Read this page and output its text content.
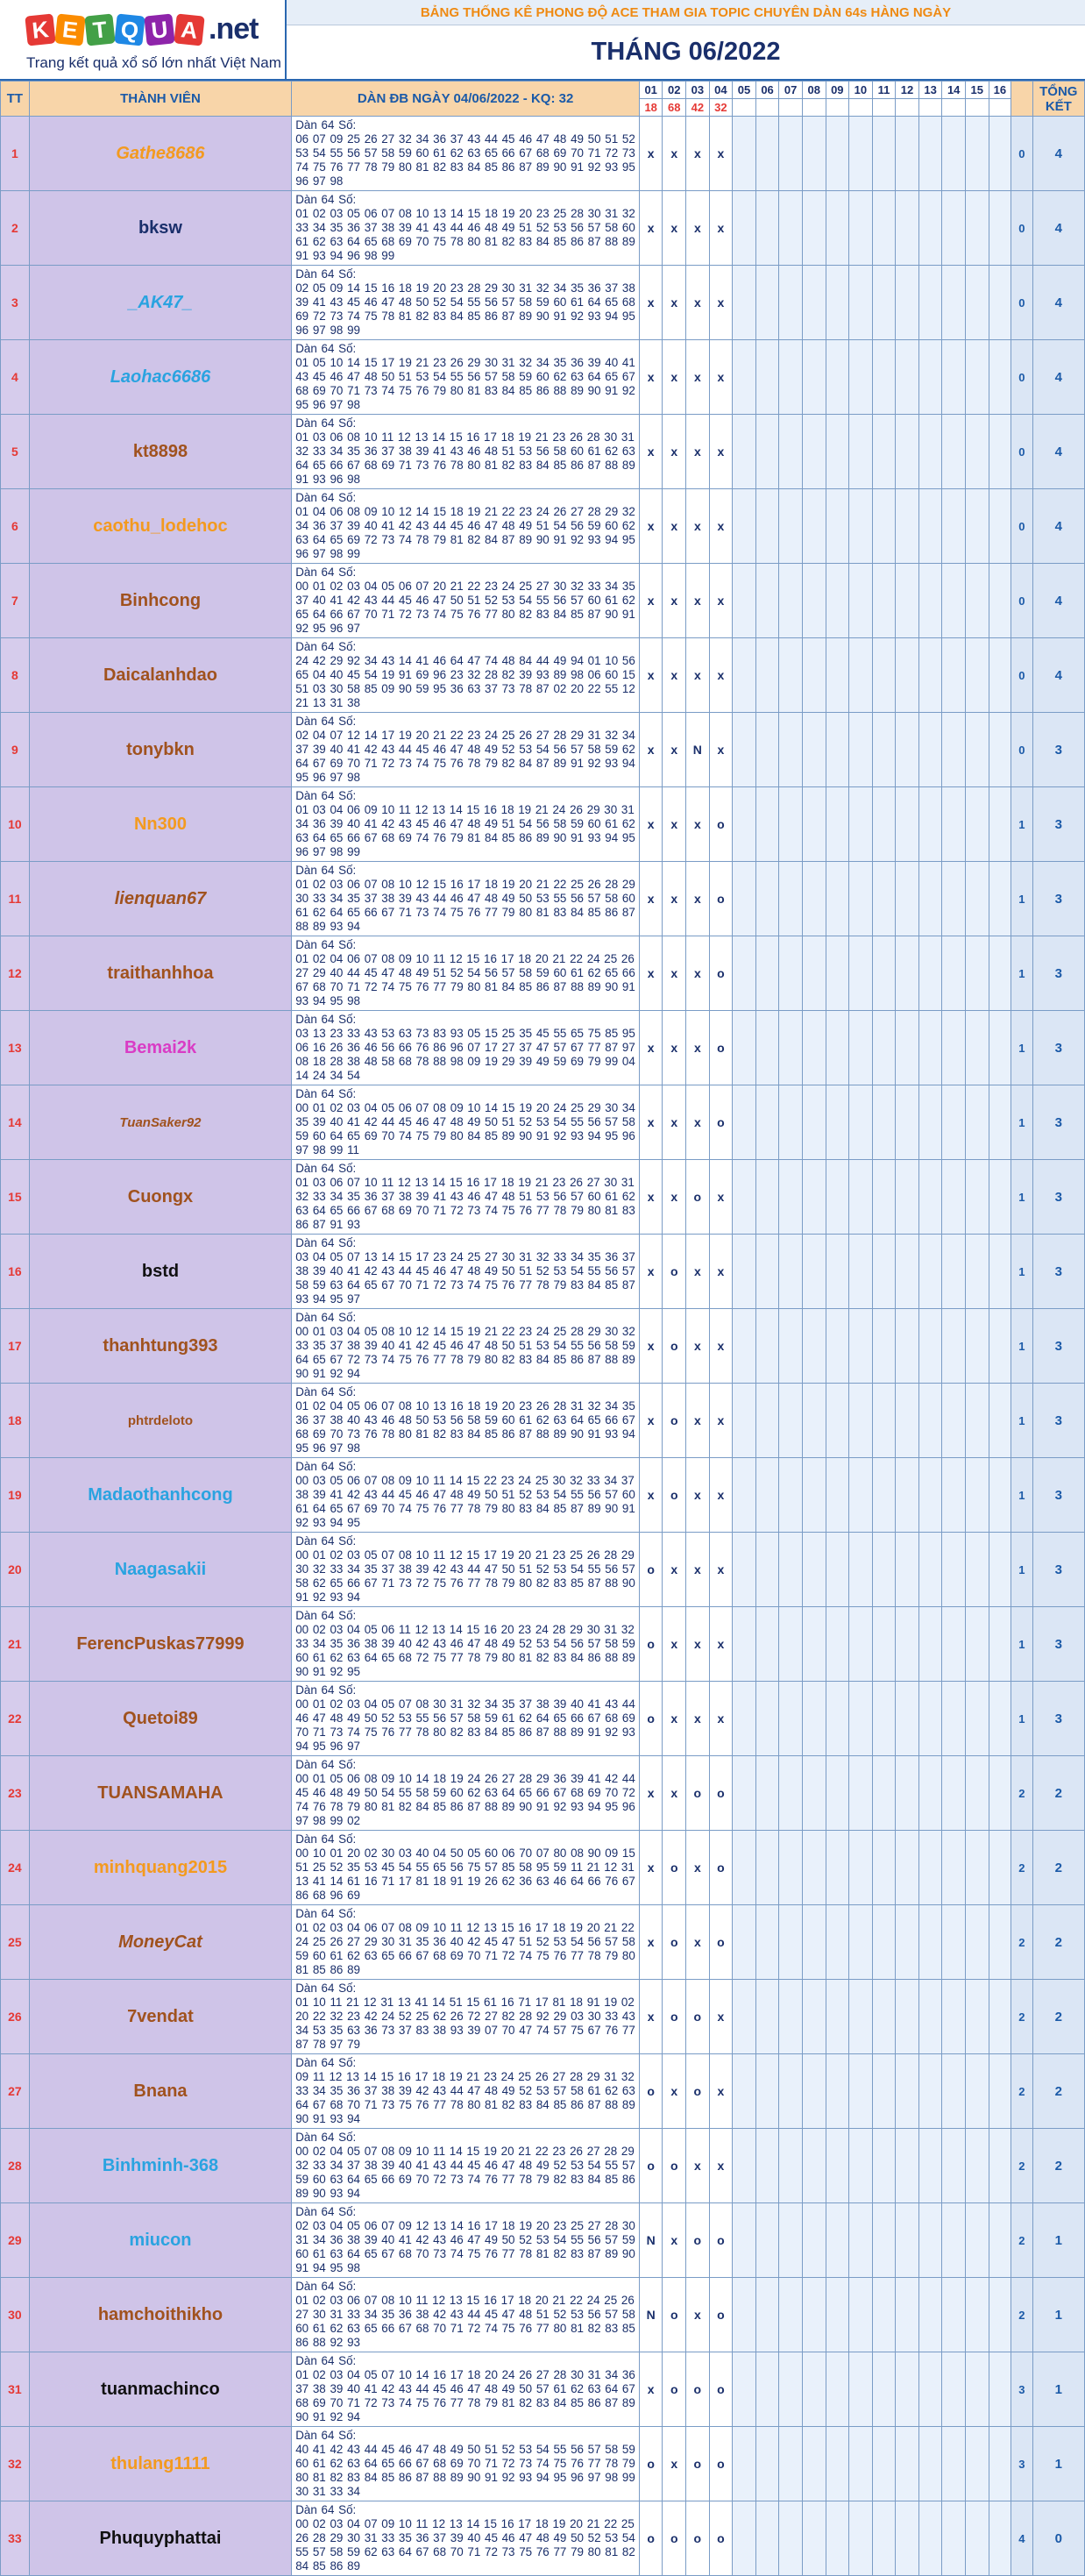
K E T Q U A .net
Trang kết quả xổ số lớn nhất Việt Nam
BẢNG THỐNG KÊ PHONG ĐỘ ACE THAM GIA TOPIC CHUYÊN DÀN 64s HÀNG NGÀY
THÁNG 06/2022
TT	THÀNH VIÊN	DÀN ĐB NGÀY 04/06/2022 - KQ: 32	01	02	03	04	05	06	07	08	09	10	11	12	13	14	15	16		TỔNG KẾT
			18	68	42	32														
1	Gathe8686	Dàn 64 Số:
06 07 09 25 26 27 32 34 36 37 43 44 45 46 47 48 49 50 51 52 53 54 55 56 57 58 59 60 61 62 63 65 66 67 68 69 70 71 72 73 74 75 76 77 78 79 80 81 82 83 84 85 86 87 89 90 91 92 93 95 96 97 98	x	x	x	x													0	4
2	bksw	Dàn 64 Số:
01 02 03 05 06 07 08 10 13 14 15 18 19 20 23 25 28 30 31 32 33 34 35 36 37 38 39 41 43 44 46 48 49 51 52 53 56 57 58 60 61 62 63 64 65 68 69 70 75 78 80 81 82 83 84 85 86 87 88 89 91 93 94 96 98 99	x	x	x	x													0	4
3	_AK47_	Dàn 64 Số:
02 05 09 14 15 16 18 19 20 23 28 29 30 31 32 34 35 36 37 38 39 41 43 45 46 47 48 50 52 54 55 56 57 58 59 60 61 64 65 68 69 72 73 74 75 78 81 82 83 84 85 86 87 89 90 91 92 93 94 95 96 97 98 99	x	x	x	x													0	4
4	Laohac6686	Dàn 64 Số:
01 05 10 14 15 17 19 21 23 26 29 30 31 32 34 35 36 39 40 41 43 45 46 47 48 50 51 53 54 55 56 57 58 59 60 62 63 64 65 67 68 69 70 71 73 74 75 76 79 80 81 83 84 85 86 88 89 90 91 92 95 96 97 98	x	x	x	x													0	4
5	kt8898	Dàn 64 Số:
01 03 06 08 10 11 12 13 14 15 16 17 18 19 21 23 26 28 30 31 32 33 34 35 36 37 38 39 41 43 46 48 51 53 56 58 60 61 62 63 64 65 66 67 68 69 71 73 76 78 80 81 82 83 84 85 86 87 88 89 91 93 96 98	x	x	x	x													0	4
6	caothu_lodehoc	Dàn 64 Số:
01 04 06 08 09 10 12 14 15 18 19 21 22 23 24 26 27 28 29 32 34 36 37 39 40 41 42 43 44 45 46 47 48 49 51 54 56 59 60 62 63 64 65 69 72 73 74 78 79 81 82 84 87 89 90 91 92 93 94 95 96 97 98 99	x	x	x	x													0	4
7	Binhcong	Dàn 64 Số:
00 01 02 03 04 05 06 07 20 21 22 23 24 25 27 30 32 33 34 35 37 40 41 42 43 44 45 46 47 50 51 52 53 54 55 56 57 60 61 62 65 64 66 67 70 71 72 73 74 75 76 77 80 82 83 84 85 87 90 91 92 95 96 97	x	x	x	x													0	4
8	Daicalanhdao	Dàn 64 Số:
24 42 29 92 34 43 14 41 46 64 47 74 48 84 44 49 94 01 10 56 65 04 40 45 54 19 91 69 96 23 32 28 82 39 93 89 98 06 60 15 51 03 30 58 85 09 90 59 95 36 63 37 73 78 87 02 20 22 55 12 21 13 31 38	x	x	x	x													0	4
9	tonybkn	Dàn 64 Số:
02 04 07 12 14 17 19 20 21 22 23 24 25 26 27 28 29 31 32 34 37 39 40 41 42 43 44 45 46 47 48 49 52 53 54 56 57 58 59 62 64 67 69 70 71 72 73 74 75 76 78 79 82 84 87 89 91 92 93 94 95 96 97 98	x	x	N	x													0	3
10	Nn300	Dàn 64 Số:
01 03 04 06 09 10 11 12 13 14 15 16 18 19 21 24 26 29 30 31 34 36 39 40 41 42 43 45 46 47 48 49 51 54 56 58 59 60 61 62 63 64 65 66 67 68 69 74 76 79 81 84 85 86 89 90 91 93 94 95 96 97 98 99	x	x	x	o													1	3
11	lienquan67	Dàn 64 Số:
01 02 03 06 07 08 10 12 15 16 17 18 19 20 21 22 25 26 28 29 30 33 34 35 37 38 39 43 44 46 47 48 49 50 53 55 56 57 58 60 61 62 64 65 66 67 71 73 74 75 76 77 79 80 81 83 84 85 86 87 88 89 93 94	x	x	x	o													1	3
12	traithanhhoa	Dàn 64 Số:
01 02 04 06 07 08 09 10 11 12 15 16 17 18 20 21 22 24 25 26 27 29 40 44 45 47 48 49 51 52 54 56 57 58 59 60 61 62 65 66 67 68 70 71 72 74 75 76 77 79 80 81 84 85 86 87 88 89 90 91 93 94 95 98	x	x	x	o													1	3
13	Bemai2k	Dàn 64 Số:
03 13 23 33 43 53 63 73 83 93 05 15 25 35 45 55 65 75 85 95 06 16 26 36 46 56 66 76 86 96 07 17 27 37 47 57 67 77 87 97 08 18 28 38 48 58 68 78 88 98 09 19 29 39 49 59 69 79 99 04 14 24 34 54	x	x	x	o													1	3
14	TuanSaker92	Dàn 64 Số:
00 01 02 03 04 05 06 07 08 09 10 14 15 19 20 24 25 29 30 34 35 39 40 41 42 44 45 46 47 48 49 50 51 52 53 54 55 56 57 58 59 60 64 65 69 70 74 75 79 80 84 85 89 90 91 92 93 94 95 96 97 98 99 11	x	x	x	o													1	3
15	Cuongx	Dàn 64 Số:
01 03 06 07 10 11 12 13 14 15 16 17 18 19 21 23 26 27 30 31 32 33 34 35 36 37 38 39 41 43 46 47 48 51 53 56 57 60 61 62 63 64 65 66 67 68 69 70 71 72 73 74 75 76 77 78 79 80 81 83 86 87 91 93	x	x	o	x													1	3
16	bstd	Dàn 64 Số:
03 04 05 07 13 14 15 17 23 24 25 27 30 31 32 33 34 35 36 37 38 39 40 41 42 43 44 45 46 47 48 49 50 51 52 53 54 55 56 57 58 59 63 64 65 67 70 71 72 73 74 75 76 77 78 79 83 84 85 87 93 94 95 97	x	o	x	x													1	3
17	thanhtung393	Dàn 64 Số:
00 01 03 04 05 08 10 12 14 15 19 21 22 23 24 25 28 29 30 32 33 35 37 38 39 40 41 42 45 46 47 48 50 51 53 54 55 56 58 59 64 65 67 72 73 74 75 76 77 78 79 80 82 83 84 85 86 87 88 89 90 91 92 94	x	o	x	x													1	3
18	phtrdeloto	Dàn 64 Số:
01 02 04 05 06 07 08 10 13 16 18 19 20 23 26 28 31 32 34 35 36 37 38 40 43 46 48 50 53 56 58 59 60 61 62 63 64 65 66 67 68 69 70 73 76 78 80 81 82 83 84 85 86 87 88 89 90 91 93 94 95 96 97 98	x	o	x	x													1	3
19	Madaothanhcong	Dàn 64 Số:
00 03 05 06 07 08 09 10 11 14 15 22 23 24 25 30 32 33 34 37 38 39 41 42 43 44 45 46 47 48 49 50 51 52 53 54 55 56 57 60 61 64 65 67 69 70 74 75 76 77 78 79 80 83 84 85 87 89 90 91 92 93 94 95	x	o	x	x													1	3
20	Naagasakii	Dàn 64 Số:
00 01 02 03 05 07 08 10 11 12 15 17 19 20 21 23 25 26 28 29 30 32 33 34 35 37 38 39 42 43 44 47 50 51 52 53 54 55 56 57 58 62 65 66 67 71 73 72 75 76 77 78 79 80 82 83 85 87 88 90 91 92 93 94	o	x	x	x													1	3
21	FerencPuskas77999	Dàn 64 Số:
00 02 03 04 05 06 11 12 13 14 15 16 20 23 24 28 29 30 31 32 33 34 35 36 38 39 40 42 43 46 47 48 49 52 53 54 56 57 58 59 60 61 62 63 64 65 68 72 75 77 78 79 80 81 82 83 84 86 88 89 90 91 92 95	o	x	x	x													1	3
22	Quetoi89	Dàn 64 Số:
00 01 02 03 04 05 07 08 30 31 32 34 35 37 38 39 40 41 43 44 46 47 48 49 50 52 53 55 56 57 58 59 61 62 64 65 66 67 68 69 70 71 73 74 75 76 77 78 80 82 83 84 85 86 87 88 89 91 92 93 94 95 96 97	o	x	x	x													1	3
23	TUANSAMAHA	Dàn 64 Số:
00 01 05 06 08 09 10 14 18 19 24 26 27 28 29 36 39 41 42 44 45 46 48 49 50 54 55 58 59 60 62 63 64 65 66 67 68 69 70 72 74 76 78 79 80 81 82 84 85 86 87 88 89 90 91 92 93 94 95 96 97 98 99 02	x	x	o	o													2	2
24	minhquang2015	Dàn 64 Số:
00 10 01 20 02 30 03 40 04 50 05 60 06 70 07 80 08 90 09 15 51 25 52 35 53 45 54 55 65 56 75 57 85 58 95 59 11 21 12 31 13 41 14 61 16 71 17 81 18 91 19 26 62 36 63 46 64 66 76 67 86 68 96 69	x	o	x	o													2	2
25	MoneyCat	Dàn 64 Số:
01 02 03 04 06 07 08 09 10 11 12 13 15 16 17 18 19 20 21 22 24 25 26 27 29 30 31 35 36 40 42 45 47 51 52 53 54 56 57 58 59 60 61 62 63 65 66 67 68 69 70 71 72 74 75 76 77 78 79 80 81 85 86 89	x	o	x	o													2	2
26	7vendat	Dàn 64 Số:
01 10 11 21 12 31 13 41 14 51 15 61 16 71 17 81 18 91 19 02 20 22 32 23 42 24 52 25 62 26 72 27 82 28 92 29 03 30 33 43 34 53 35 63 36 73 37 83 38 93 39 07 70 47 74 57 75 67 76 77 87 78 97 79	x	o	o	x													2	2
27	Bnana	Dàn 64 Số:
09 11 12 13 14 15 16 17 18 19 21 23 24 25 26 27 28 29 31 32 33 34 35 36 37 38 39 42 43 44 47 48 49 52 53 57 58 61 62 63 64 67 68 70 71 73 75 76 77 78 80 81 82 83 84 85 86 87 88 89 90 91 93 94	o	x	o	x													2	2
28	Binhminh-368	Dàn 64 Số:
00 02 04 05 07 08 09 10 11 14 15 19 20 21 22 23 26 27 28 29 32 33 34 37 38 39 40 41 43 44 45 46 47 48 49 52 53 54 55 57 59 60 63 64 65 66 69 70 72 73 74 76 77 78 79 82 83 84 85 86 89 90 93 94	o	o	x	x													2	2
29	miucon	Dàn 64 Số:
02 03 04 05 06 07 09 12 13 14 16 17 18 19 20 23 25 27 28 30 31 34 36 38 39 40 41 42 43 46 47 49 50 52 53 54 55 56 57 59 60 61 63 64 65 67 68 70 73 74 75 76 77 78 81 82 83 87 89 90 91 94 95 98	N	x	o	o													2	1
30	hamchoithikho	Dàn 64 Số:
01 02 03 06 07 08 10 11 12 13 15 16 17 18 20 21 22 24 25 26 27 30 31 33 34 35 36 38 42 43 44 45 47 48 51 52 53 56 57 58 60 61 62 63 65 66 67 68 70 71 72 74 75 76 77 80 81 82 83 85 86 88 92 93	N	o	x	o													2	1
31	tuanmachinco	Dàn 64 Số:
01 02 03 04 05 07 10 14 16 17 18 20 24 26 27 28 30 31 34 36 37 38 39 40 41 42 43 44 45 46 47 48 49 50 57 61 62 63 64 67 68 69 70 71 72 73 74 75 76 77 78 79 81 82 83 84 85 86 87 89 90 91 92 94	x	o	o	o													3	1
32	thulang1111	Dàn 64 Số:
40 41 42 43 44 45 46 47 48 49 50 51 52 53 54 55 56 57 58 59 60 61 62 63 64 65 66 67 68 69 70 71 72 73 74 75 76 77 78 79 80 81 82 83 84 85 86 87 88 89 90 91 92 93 94 95 96 97 98 99 30 31 33 34	o	x	o	o													3	1
33	Phuquyphattai	Dàn 64 Số:
00 02 03 04 07 09 10 11 12 13 14 15 16 17 18 19 20 21 22 25 26 28 29 30 31 33 35 36 37 39 40 45 46 47 48 49 50 52 53 54 55 57 58 59 62 63 64 67 68 70 71 72 73 75 76 77 79 80 81 82 84 85 86 89	o	o	o	o													4	0
